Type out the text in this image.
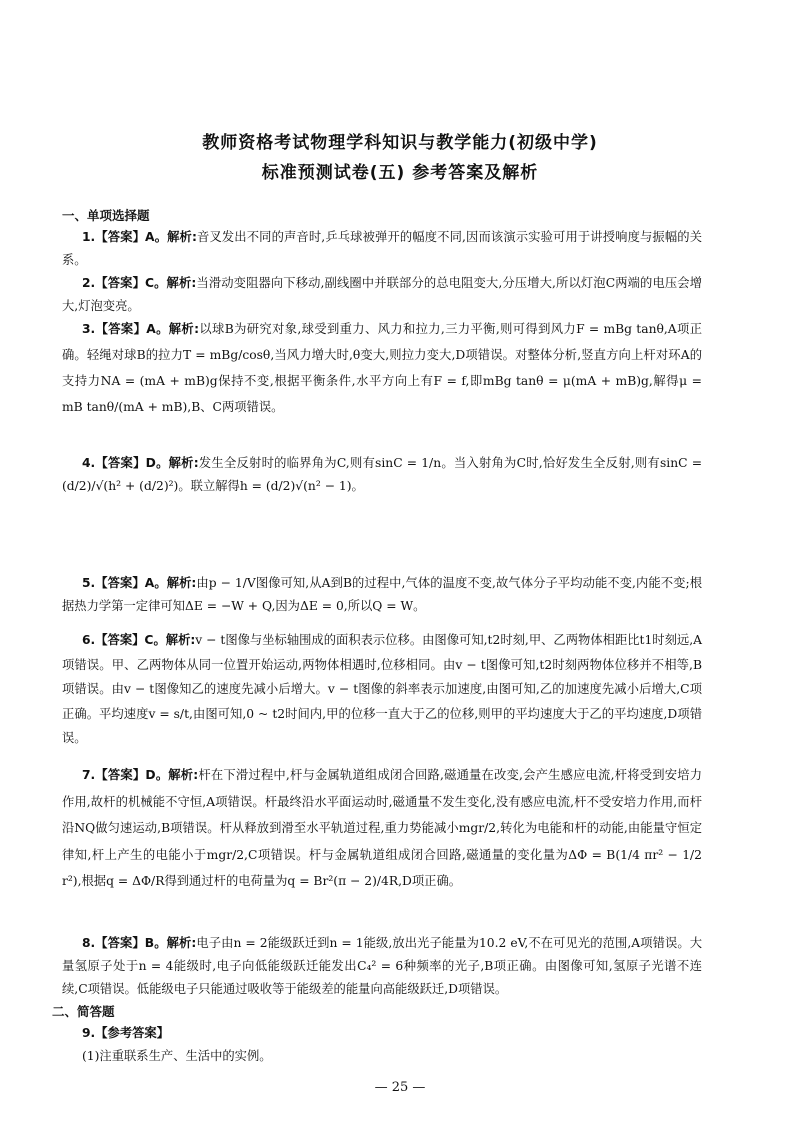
教师资格考试物理学科知识与教学能力(初级中学)
标准预测试卷(五) 参考答案及解析
一、单项选择题

1.【答案】A。解析:音叉发出不同的声音时,乒乓球被弹开的幅度不同,因而该演示实验可用于讲授响度与振幅的关系。

2.【答案】C。解析:当滑动变阻器向下移动,副线圈中并联部分的总电阻变大,分压增大,所以灯泡C两端的电压会增大,灯泡变亮。

3.【答案】A。解析:以球B为研究对象,球受到重力、风力和拉力,三力平衡,则可得到风力F = mBg tanθ,A项正确。轻绳对球B的拉力T = mBg/cosθ,当风力增大时,θ变大,则拉力变大,D项错误。对整体分析,竖直方向上杆对环A的支持力NA = (mA + mB)g保持不变,根据平衡条件,水平方向上有F = f,即mBg tanθ = μ(mA + mB)g,解得μ = mB tanθ/(mA + mB),B、C两项错误。

4.【答案】D。解析:发生全反射时的临界角为C,则有sinC = 1/n。当入射角为C时,恰好发生全反射,则有sinC = (d/2)/√(h² + (d/2)²)。联立解得h = (d/2)√(n² − 1)。

5.【答案】A。解析:由p − 1/V图像可知,从A到B的过程中,气体的温度不变,故气体分子平均动能不变,内能不变;根据热力学第一定律可知ΔE = −W + Q,因为ΔE = 0,所以Q = W。

6.【答案】C。解析:v − t图像与坐标轴围成的面积表示位移。由图像可知,t2时刻,甲、乙两物体相距比t1时刻远,A项错误。甲、乙两物体从同一位置开始运动,两物体相遇时,位移相同。由v − t图像可知,t2时刻两物体位移并不相等,B项错误。由v − t图像知乙的速度先减小后增大。v − t图像的斜率表示加速度,由图可知,乙的加速度先减小后增大,C项正确。平均速度v = s/t,由图可知,0 ~ t2时间内,甲的位移一直大于乙的位移,则甲的平均速度大于乙的平均速度,D项错误。

7.【答案】D。解析:杆在下滑过程中,杆与金属轨道组成闭合回路,磁通量在改变,会产生感应电流,杆将受到安培力作用,故杆的机械能不守恒,A项错误。杆最终沿水平面运动时,磁通量不发生变化,没有感应电流,杆不受安培力作用,而杆沿NQ做匀速运动,B项错误。杆从释放到滑至水平轨道过程,重力势能减小mgr/2,转化为电能和杆的动能,由能量守恒定律知,杆上产生的电能小于mgr/2,C项错误。杆与金属轨道组成闭合回路,磁通量的变化量为ΔΦ = B(1/4 πr² − 1/2 r²),根据q = ΔΦ/R得到通过杆的电荷量为q = Br²(π − 2)/4R,D项正确。

8.【答案】B。解析:电子由n = 2能级跃迁到n = 1能级,放出光子能量为10.2 eV,不在可见光的范围,A项错误。大量氢原子处于n = 4能级时,电子向低能级跃迁能发出C₄² = 6种频率的光子,B项正确。由图像可知,氢原子光谱不连续,C项错误。低能级电子只能通过吸收等于能级差的能量向高能级跃迁,D项错误。

二、简答题

9.【参考答案】

(1)注重联系生产、生活中的实例。

— 25 —
